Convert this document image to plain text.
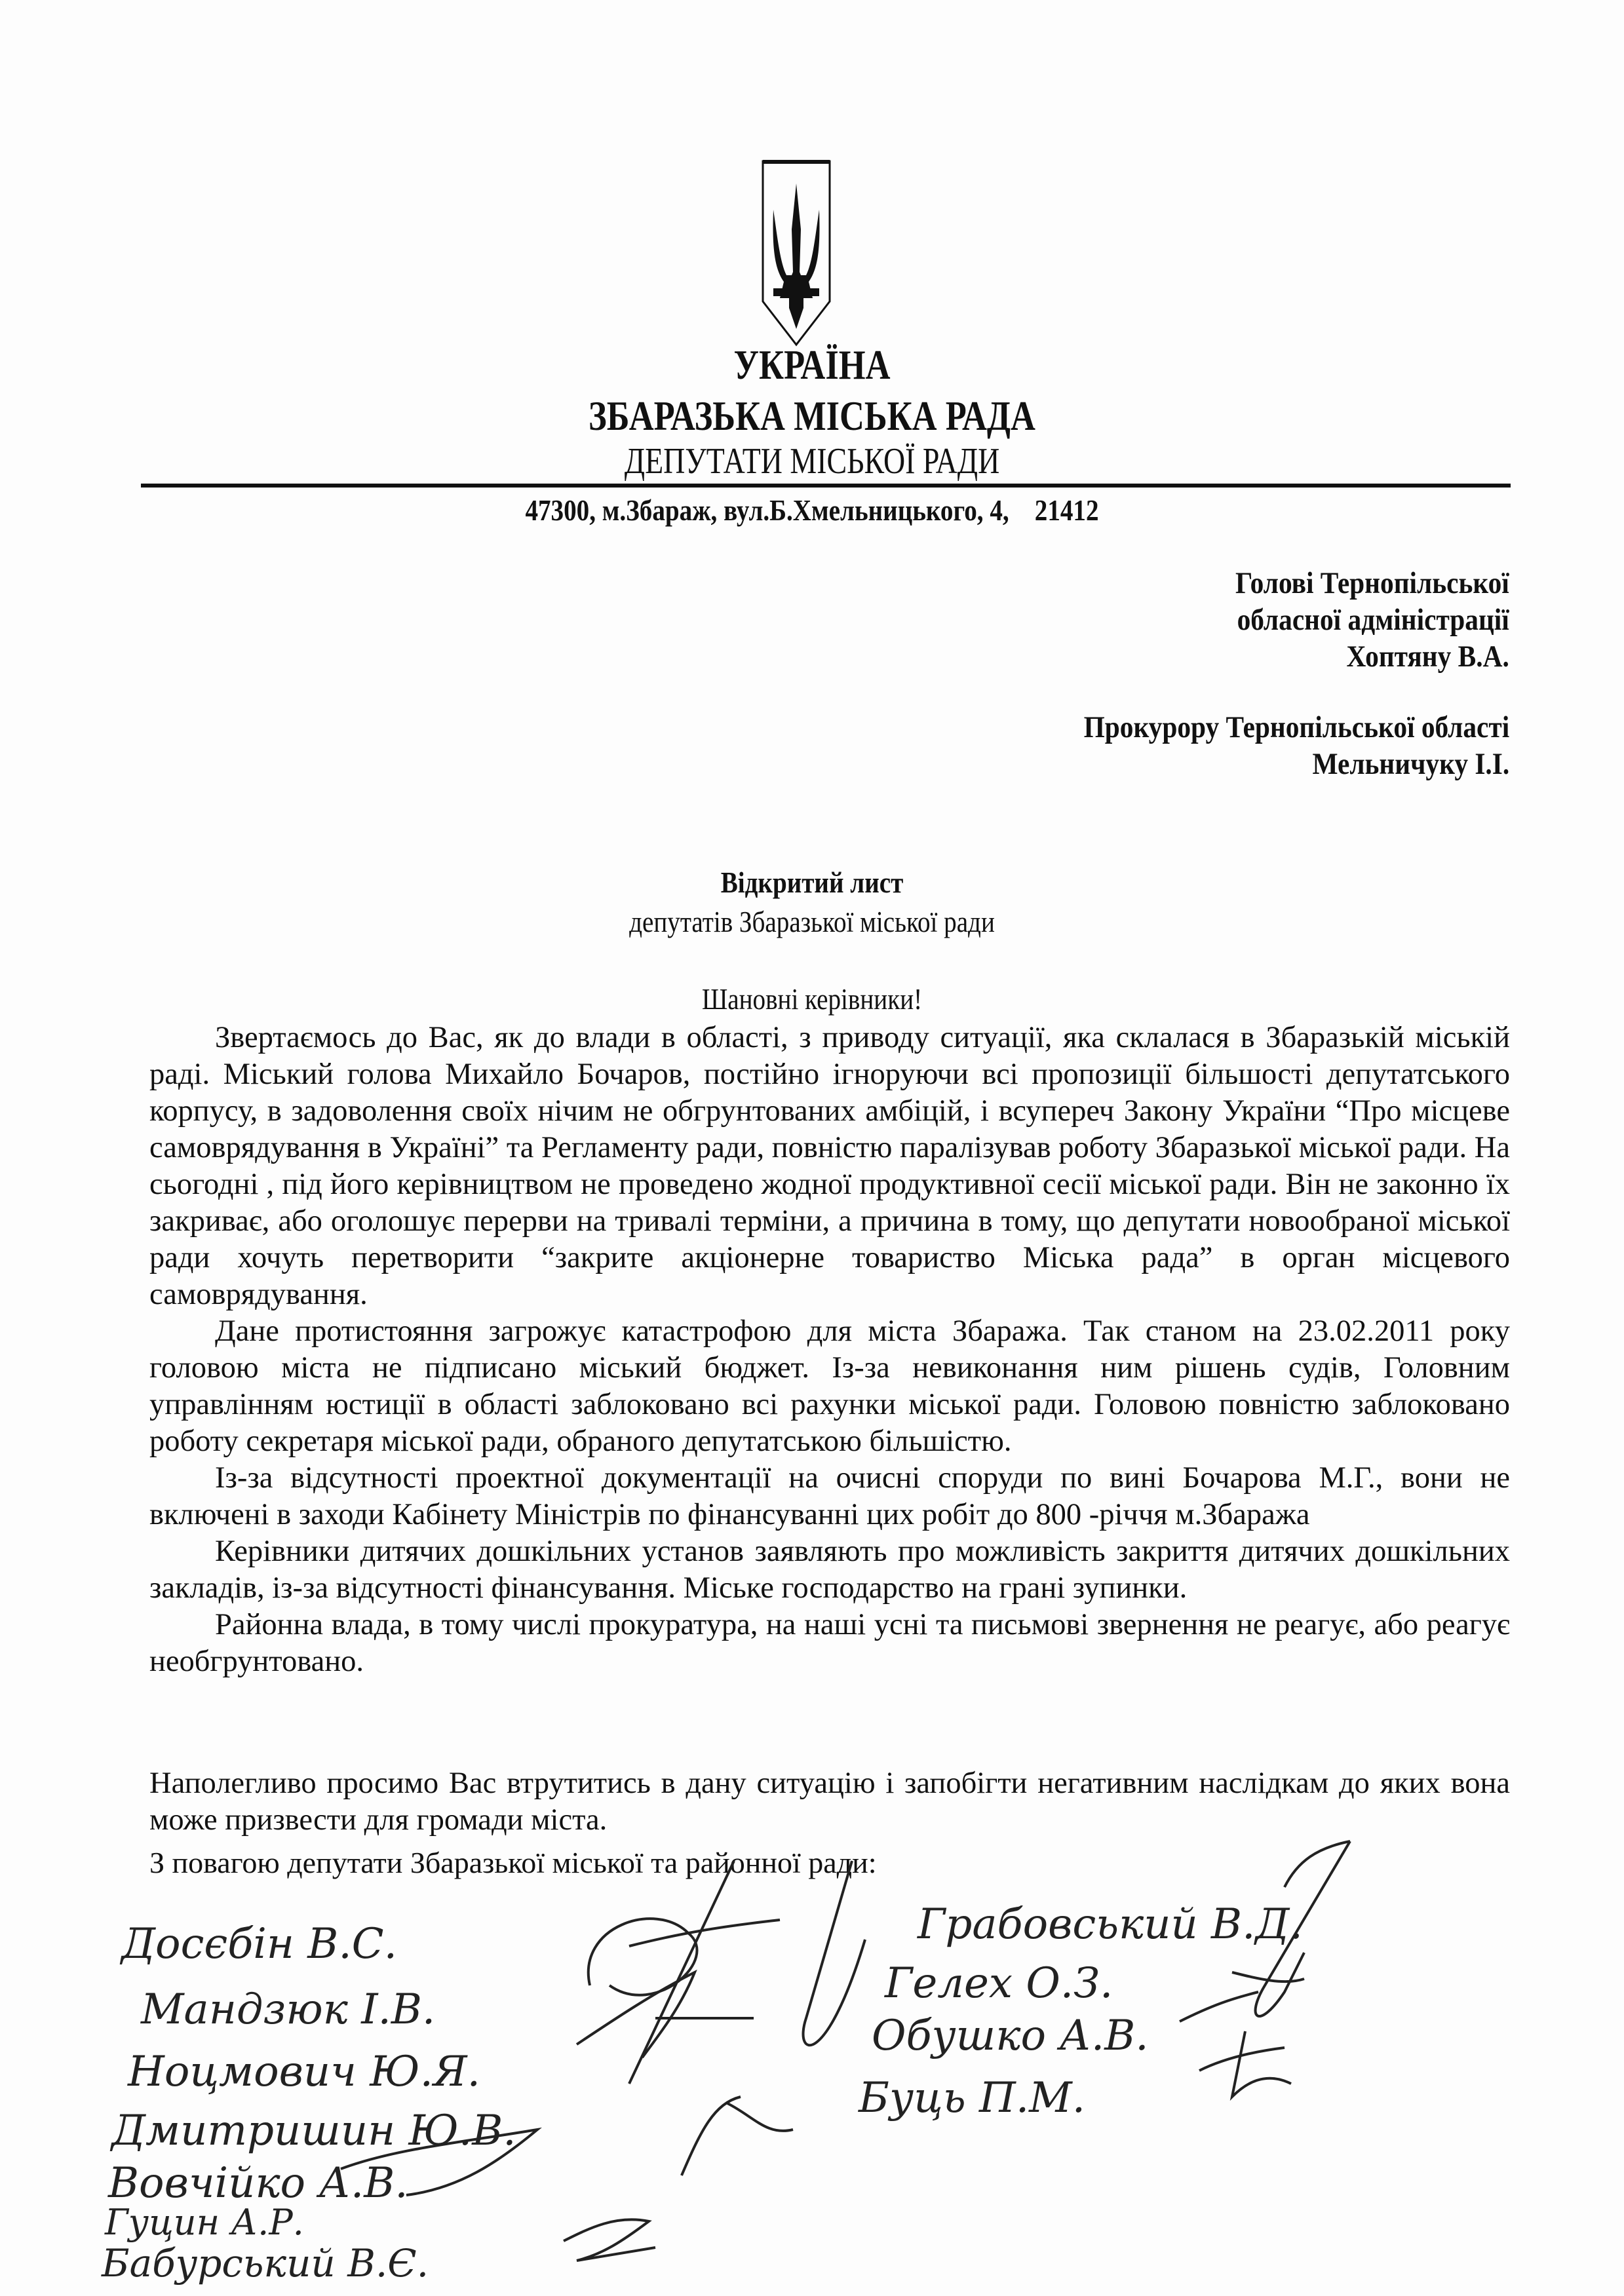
УКРАЇНА
ЗБАРАЗЬКА МІСЬКА РАДА
ДЕПУТАТИ МІСЬКОЇ РАДИ
47300, м.Збараж, вул.Б.Хмельницького, 4,    21412
Голові Тернопільської
обласної адміністрації
Хоптяну В.А.
Прокурору Тернопільської області
Мельничуку І.І.
Відкритий лист
депутатів Збаразької міської ради
Шановні керівники!

Звертаємось до Вас, як до влади в області, з приводу ситуації, яка склалася в Збаразькій міській раді. Міський голова Михайло Бочаров, постійно ігноруючи всі пропозиції більшості депутатського корпусу, в задоволення своїх нічим не обгрунтованих амбіцій, і всупереч Закону України “Про місцеве самоврядування в Україні” та Регламенту ради, повністю паралізував роботу Збаразької міської ради. На сьогодні , під його керівництвом не проведено жодної продуктивної сесії міської ради. Він не законно їх закриває, або оголошує перерви на тривалі терміни, а причина в тому, що депутати новообраної міської ради хочуть перетворити “закрите акціонерне товариство Міська рада” в орган місцевого самоврядування.

Дане протистояння загрожує катастрофою для міста Збаража. Так станом на 23.02.2011 року головою міста не підписано міський бюджет. Із-за невиконання ним рішень судів, Головним управлінням юстиції в області заблоковано всі рахунки міської ради. Головою повністю заблоковано роботу секретаря міської ради, обраного депутатською більшістю.

Із-за відсутності проектної документації на очисні споруди по вині Бочарова М.Г., вони не включені в заходи Кабінету Міністрів по фінансуванні цих робіт до 800 -річчя м.Збаража

Керівники дитячих дошкільних установ заявляють про можливість закриття дитячих дошкільних закладів, із-за відсутності фінансування. Міське господарство на грані зупинки.

Районна влада, в тому числі прокуратура, на наші усні та письмові звернення не реагує, або реагує необгрунтовано.

Наполегливо просимо Вас втрутитись в дану ситуацію і запобігти негативним наслідкам до яких вона може призвести для громади міста.

З повагою депутати Збаразької міської та районної ради:
Досєбін В.С.
Мандзюк І.В.
Ноцмович Ю.Я.
Дмитришин Ю.В.
Вовчійко А.В.
Гуцин А.Р.
Бабурський В.Є.
Грабовський В.Д.
Гелех О.З.
Обушко А.В.
Буць П.М.
